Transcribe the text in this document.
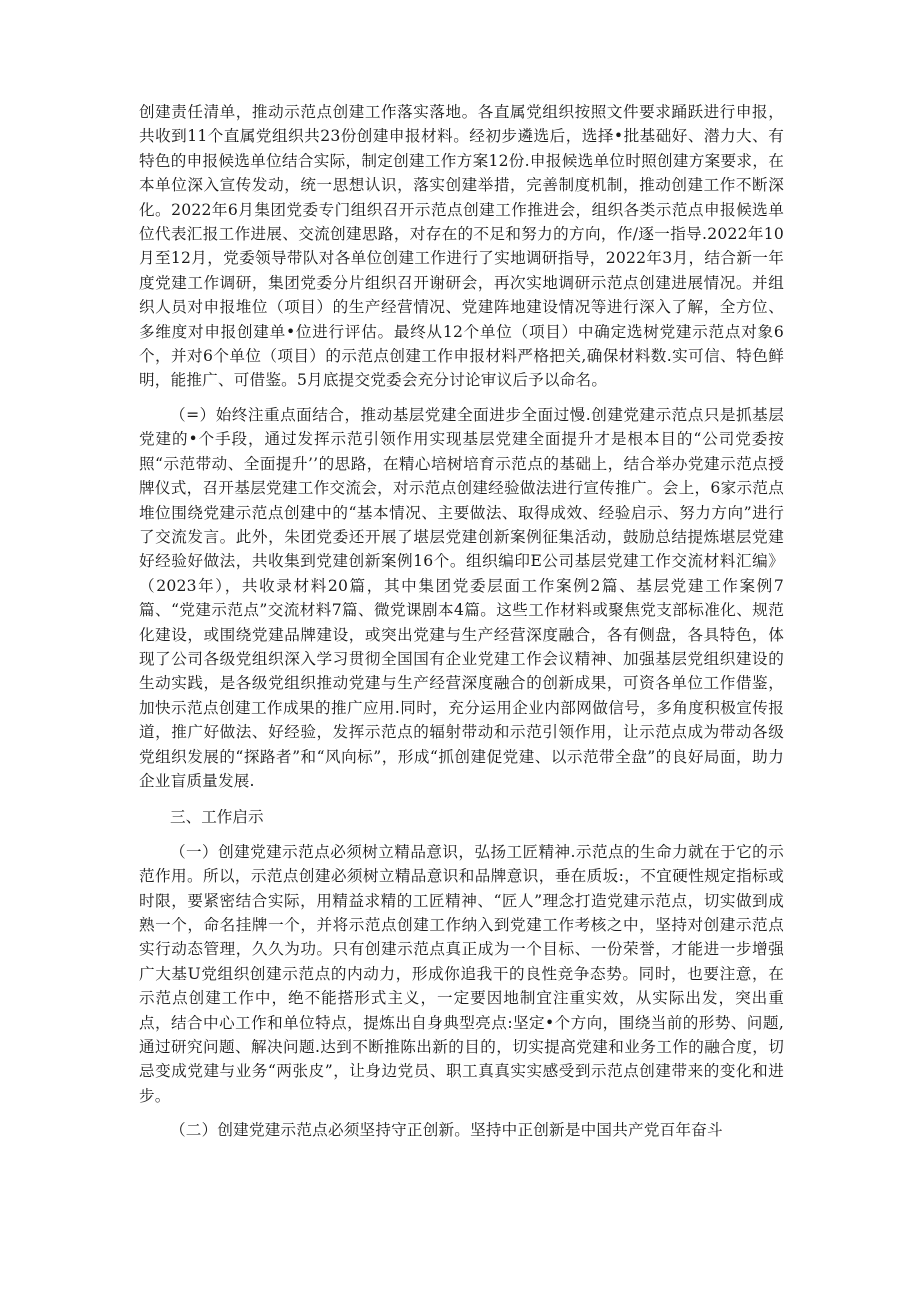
创建责任清单，推动示范点创建工作落实落地。各直属党组织按照文件要求踊跃进行申报，共收到11个直属党组织共23份创建申报材料。经初步遴选后，选择•批基础好、潜力大、有特色的申报候选单位结合实际，制定创建工作方案12份.申报候选单位时照创建方案要求，在本单位深入宣传发动，统一思想认识，落实创建举措，完善制度机制，推动创建工作不断深化。2022年6月集团党委专门组织召开示范点创建工作推进会，组织各类示范点申报候选单位代表汇报工作进展、交流创建思路，对存在的不足和努力的方向，作/逐一指导.2022年10月至12月，党委领导带队对各单位创建工作进行了实地调研指导，2022年3月，结合新一年度党建工作调研，集团党委分片组织召开谢研会，再次实地调研示范点创建进展情况。并组织人员对申报堆位（项目）的生产经营情况、党建阵地建设情况等进行深入了解，全方位、多维度对申报创建单•位进行评估。最终从12个单位（项目）中确定选树党建示范点对象6个，并对6个单位（项目）的示范点创建工作申报材料严格把关,确保材料数.实可信、特色鲜明，能推广、可借鉴。5月底提交党委会充分讨论审议后予以命名。

（=）始终注重点面结合，推动基层党建全面进步全面过慢.创建党建示范点只是抓基层党建的•个手段，通过发挥示范引领作用实现基层党建全面提升才是根本目的“公司党委按照“示范带动、全面提升’’的思路，在精心培树培育示范点的基础上，结合举办党建示范点授牌仪式，召开基层党建工作交流会，对示范点创建经验做法进行宣传推广。会上，6家示范点堆位围绕党建示范点创建中的“基本情况、主要做法、取得成效、经验启示、努力方向”进行了交流发言。此外，朱团党委还开展了堪层党建创新案例征集活动，鼓励总结提炼堪层党建好经验好做法，共收集到党建创新案例16个。组织编印E公司基层党建工作交流材料汇编》（2023年），共收录材料20篇，其中集团党委层面工作案例2篇、基层党建工作案例7篇、“党建示范点”交流材料7篇、微党课剧本4篇。这些工作材料或聚焦党支部标准化、规范化建设，或围绕党建品牌建设，或突出党建与生产经营深度融合，各有侧盘，各具特色，体现了公司各级党组织深入学习贯彻全国国有企业党建工作会议精神、加强基层党组织建设的生动实践，是各级党组织推动党建与生产经营深度融合的创新成果，可资各单位工作借鉴，加快示范点创建工作成果的推广应用.同时，充分运用企业内部网做信号，多角度积极宣传报道，推广好做法、好经验，发挥示范点的辐射带动和示范引领作用，让示范点成为带动各级党组织发展的“探路者”和“风向标”，形成“抓创建促党建、以示范带全盘”的良好局面，助力企业盲质量发展.

三、工作启示

（一）创建党建示范点必须树立精品意识，弘扬工匠精神.示范点的生命力就在于它的示范作用。所以，示范点创建必须树立精品意识和品牌意识，垂在质坂:，不宜硬性规定指标或时限，要紧密结合实际，用精益求精的工匠精神、“匠人”理念打造党建示范点，切实做到成熟一个，命名挂牌一个，并将示范点创建工作纳入到党建工作考核之中，坚持对创建示范点实行动态管理，久久为功。只有创建示范点真正成为一个目标、一份荣誉，才能进一步增强广大基U党组织创建示范点的内动力，形成你追我干的良性竞争态势。同时，也要注意，在示范点创建工作中，绝不能搭形式主义，一定要因地制宜注重实效，从实际出发，突出重点，结合中心工作和单位特点，提炼出自身典型亮点:坚定•个方向，围绕当前的形势、问题,通过研究问题、解决问题.达到不断推陈出新的目的，切实提高党建和业务工作的融合度，切忌变成党建与业务“两张皮”，让身边党员、职工真真实实感受到示范点创建带来的变化和进步。

（二）创建党建示范点必须坚持守正创新。坚持中正创新是中国共产党百年奋斗
